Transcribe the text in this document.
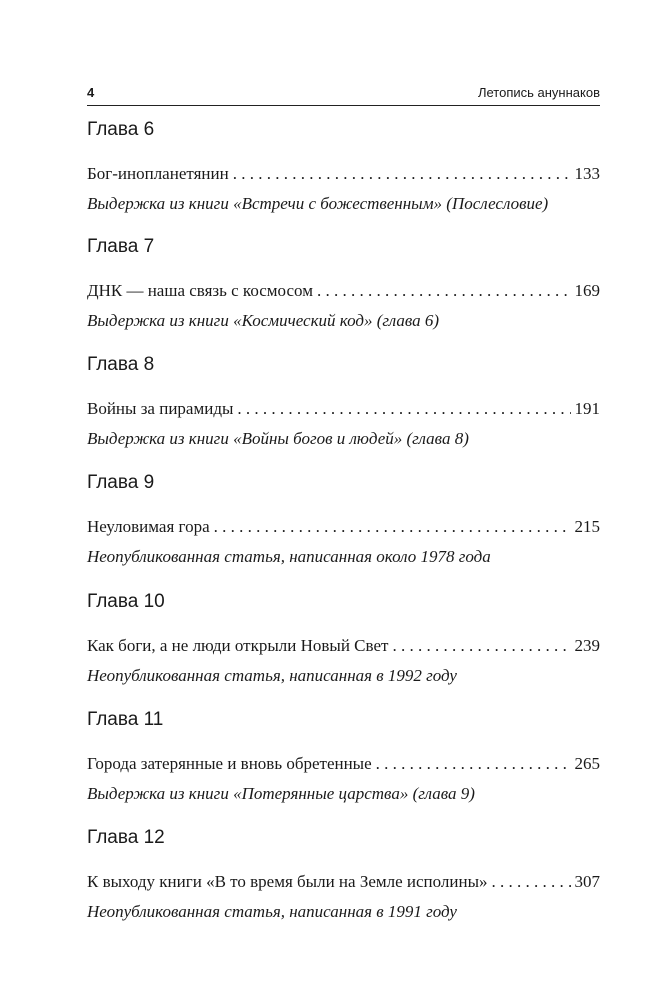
4	Летопись ануннаков
Глава 6
Бог-инопланетянин . . .	133
Выдержка из книги «Встречи с божественным» (Послесловие)
Глава 7
ДНК — наша связь с космосом . . .	169
Выдержка из книги «Космический код» (глава 6)
Глава 8
Войны за пирамиды . . .	191
Выдержка из книги «Войны богов и людей» (глава 8)
Глава 9
Неуловимая гора . . .	215
Неопубликованная статья, написанная около 1978 года
Глава 10
Как боги, а не люди открыли Новый Свет . . .	239
Неопубликованная статья, написанная в 1992 году
Глава 11
Города затерянные и вновь обретенные . . .	265
Выдержка из книги «Потерянные царства» (глава 9)
Глава 12
К выходу книги «В то время были на Земле исполины» . . .	307
Неопубликованная статья, написанная в 1991 году
